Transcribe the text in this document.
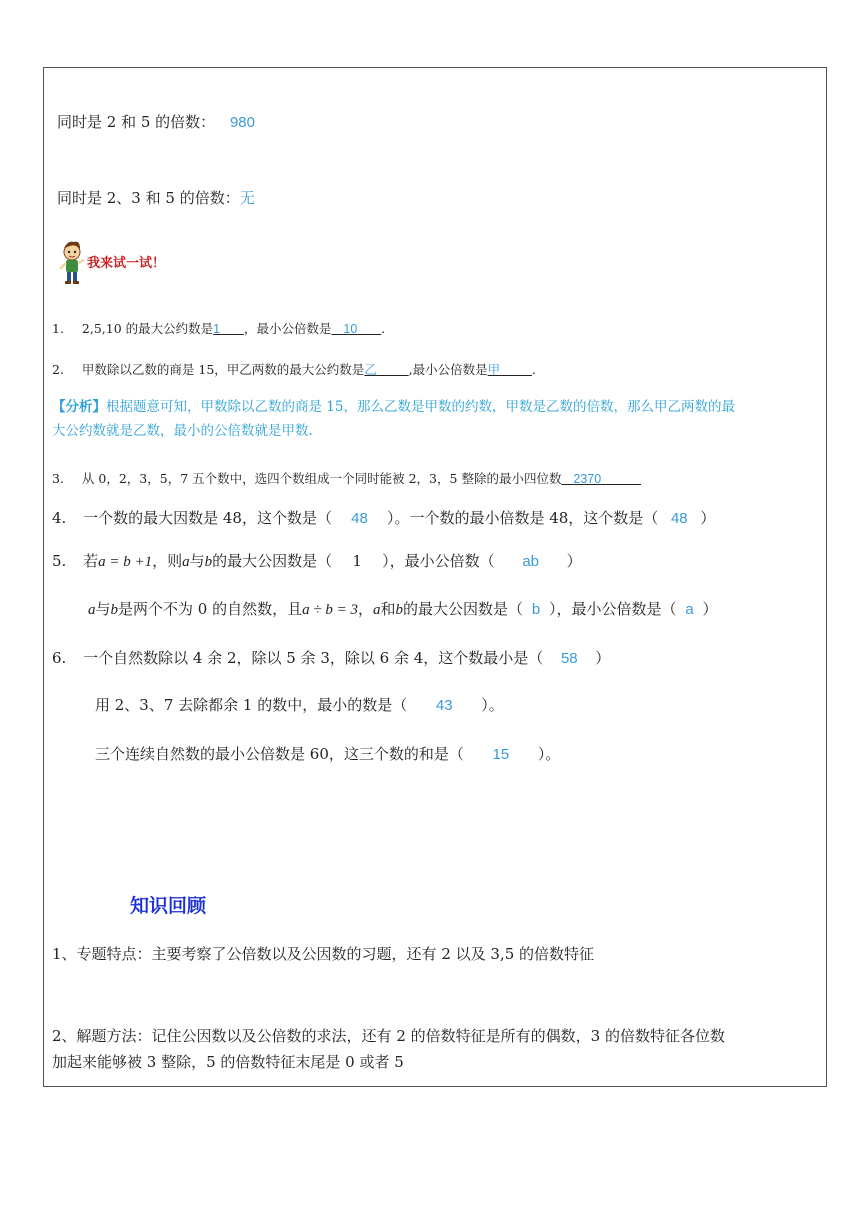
同时是 2 和 5 的倍数： 980
同时是 2、3 和 5 的倍数：无
我来试一试！
1. 2,5,10 的最大公约数是1 ，最小公倍数是 10 .
2. 甲数除以乙数的商是 15，甲乙两数的最大公约数是乙	,最小公倍数是甲	.
【分析】根据题意可知，甲数除以乙数的商是 15，那么乙数是甲数的约数，甲数是乙数的倍数，那么甲乙两数的最
大公约数就是乙数，最小的公倍数就是甲数.
3. 从 0，2，3，5，7 五个数中，选四个数组成一个同时能被 2，3，5 整除的最小四位数 2370
4. 一个数的最大因数是 48，这个数是（ 48 ）。一个数的最小倍数是 48，这个数是（ 48 ）
5. 若a = b +1，则a与b的最大公因数是（ 1 ），最小公倍数（ ab ）
a与b是两个不为 0 的自然数，且a ÷ b = 3，a和b的最大公因数是（ b ），最小公倍数是（ a ）
6. 一个自然数除以 4 余 2，除以 5 余 3，除以 6 余 4，这个数最小是（ 58 ）
用 2、3、7 去除都余 1 的数中，最小的数是（ 43 ）。
三个连续自然数的最小公倍数是 60，这三个数的和是（ 15 ）。
知识回顾
1、专题特点：主要考察了公倍数以及公因数的习题，还有 2 以及 3,5 的倍数特征
2、解题方法：记住公因数以及公倍数的求法，还有 2 的倍数特征是所有的偶数，3 的倍数特征各位数
加起来能够被 3 整除，5 的倍数特征末尾是 0 或者 5
